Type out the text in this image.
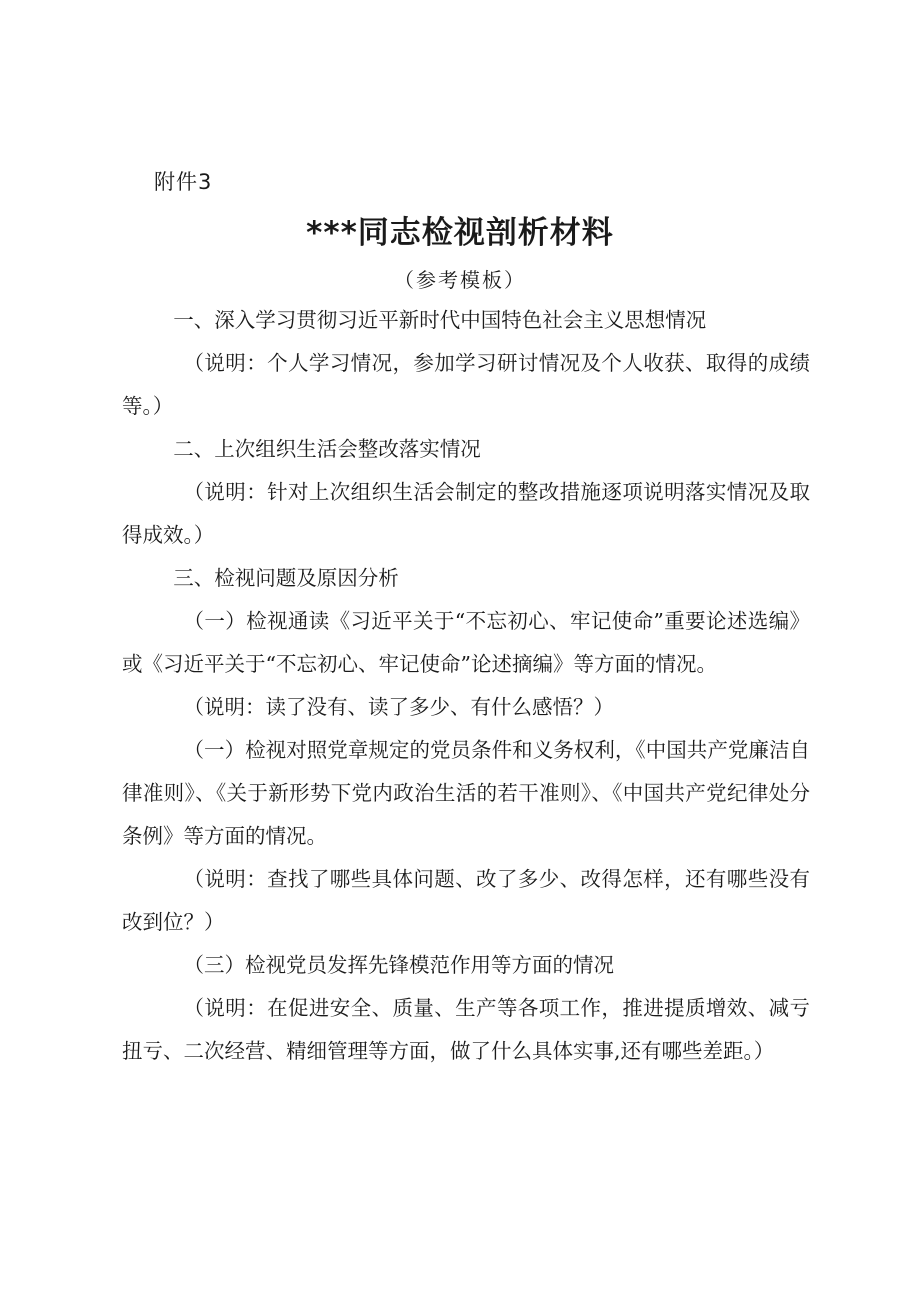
附件3
***同志检视剖析材料
（参考模板）

一、深入学习贯彻习近平新时代中国特色社会主义思想情况

（说明：个人学习情况，参加学习研讨情况及个人收获、取得的成绩等。）

二、上次组织生活会整改落实情况

（说明：针对上次组织生活会制定的整改措施逐项说明落实情况及取得成效。）

三、检视问题及原因分析

（一）检视通读《习近平关于“不忘初心、牢记使命”重要论述选编》或《习近平关于“不忘初心、牢记使命”论述摘编》等方面的情况。

（说明：读了没有、读了多少、有什么感悟？）

（一）检视对照党章规定的党员条件和义务权利，《中国共产党廉洁自律准则》、《关于新形势下党内政治生活的若干准则》、《中国共产党纪律处分条例》等方面的情况。

（说明：查找了哪些具体问题、改了多少、改得怎样，还有哪些没有改到位？）

（三）检视党员发挥先锋模范作用等方面的情况

（说明：在促进安全、质量、生产等各项工作，推进提质增效、减亏扭亏、二次经营、精细管理等方面，做了什么具体实事,还有哪些差距。）
